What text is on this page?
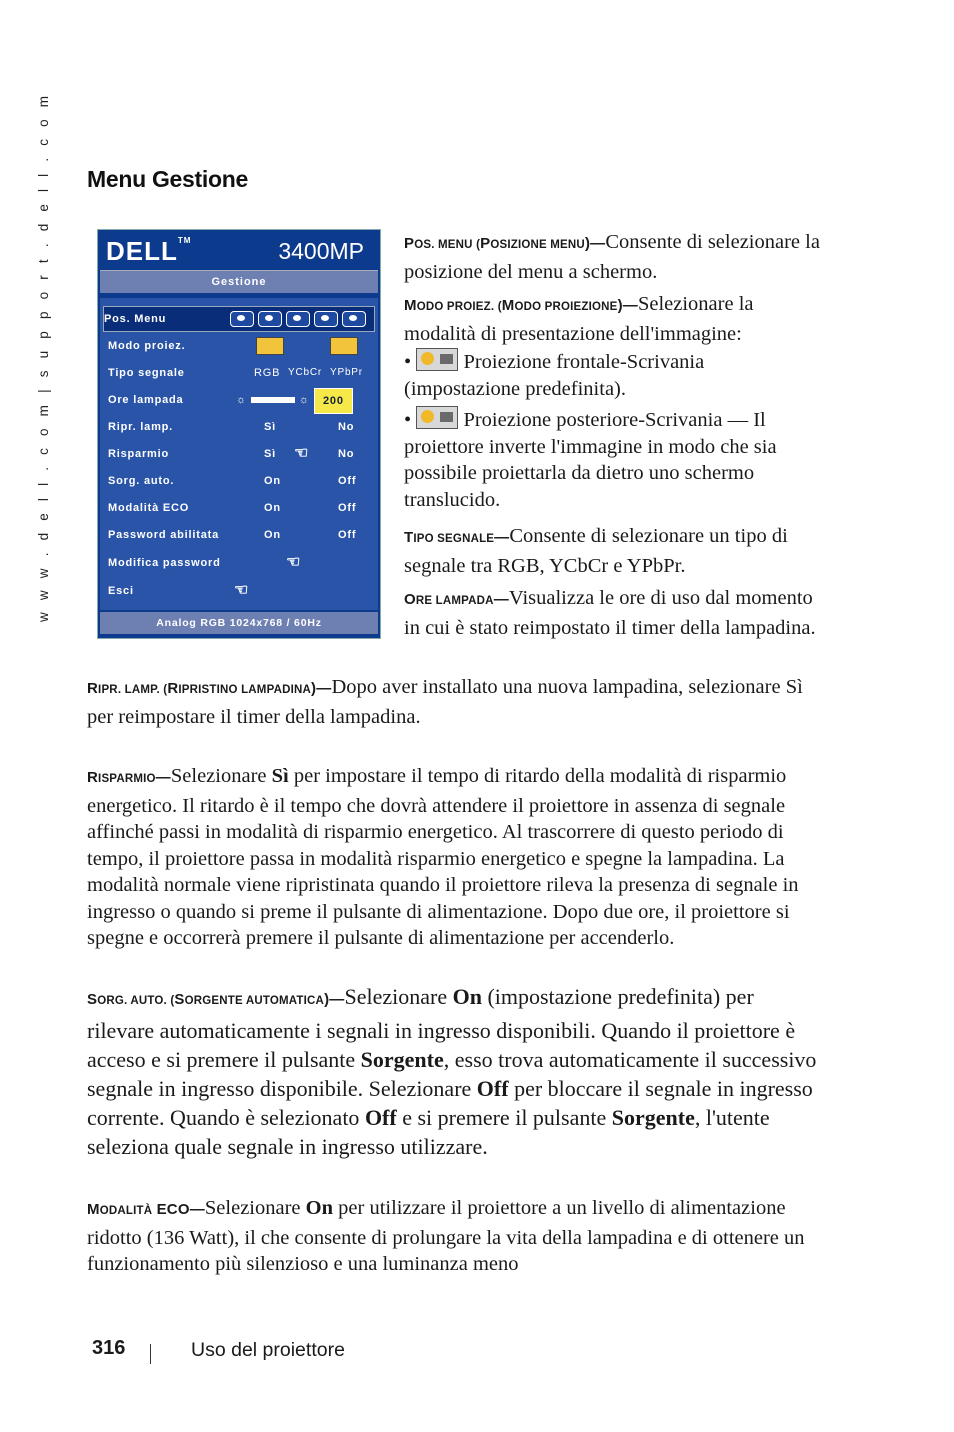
w w w . d e l l . c o m | s u p p o r t . d e l l . c o m Menu Gestione
DELL™	3400MP
Gestione
Pos. Menu
Modo proiez.
Tipo segnale	RGB YCbCr YPbPr
Ore lampada	☼	☼	200
Ripr. lamp.	Sì	No
Risparmio	Sì ☜	No
Sorg. auto.	On	Off
Modalità ECO	On	Off
Password abilitata	On	Off
Modifica password	☜
Esci	☜
Analog RGB 1024x768 / 60Hz

POS. MENU (POSIZIONE MENU)—Consente di selezionare la posizione del menu a schermo.

MODO PROIEZ. (MODO PROIEZIONE)—Selezionare la modalità di presentazione dell'immagine:

•  Proiezione frontale-Scrivania (impostazione predefinita).

•  Proiezione posteriore-Scrivania — Il proiettore inverte l'immagine in modo che sia possibile proiettarla da dietro uno schermo translucido.

TIPO SEGNALE—Consente di selezionare un tipo di segnale tra RGB, YCbCr e YPbPr.

ORE LAMPADA—Visualizza le ore di uso dal momento in cui è stato reimpostato il timer della lampadina.

RIPR. LAMP. (RIPRISTINO LAMPADINA)—Dopo aver installato una nuova lampadina, selezionare Sì per reimpostare il timer della lampadina.

RISPARMIO—Selezionare Sì per impostare il tempo di ritardo della modalità di risparmio energetico. Il ritardo è il tempo che dovrà attendere il proiettore in assenza di segnale affinché passi in modalità di risparmio energetico. Al trascorrere di questo periodo di tempo, il proiettore passa in modalità risparmio energetico e spegne la lampadina. La modalità normale viene ripristinata quando il proiettore rileva la presenza di segnale in ingresso o quando si preme il pulsante di alimentazione. Dopo due ore, il proiettore si spegne e occorrerà premere il pulsante di alimentazione per accenderlo.

SORG. AUTO. (SORGENTE AUTOMATICA)—Selezionare On (impostazione predefinita) per rilevare automaticamente i segnali in ingresso disponibili. Quando il proiettore è acceso e si premere il pulsante Sorgente, esso trova automaticamente il successivo segnale in ingresso disponibile. Selezionare Off per bloccare il segnale in ingresso corrente. Quando è selezionato Off e si premere il pulsante Sorgente, l'utente seleziona quale segnale in ingresso utilizzare.

MODALITÀ ECO—Selezionare On per utilizzare il proiettore a un livello di alimentazione ridotto (136 Watt), il che consente di prolungare la vita della lampadina e di ottenere un funzionamento più silenzioso e una luminanza meno

316	Uso del proiettore
